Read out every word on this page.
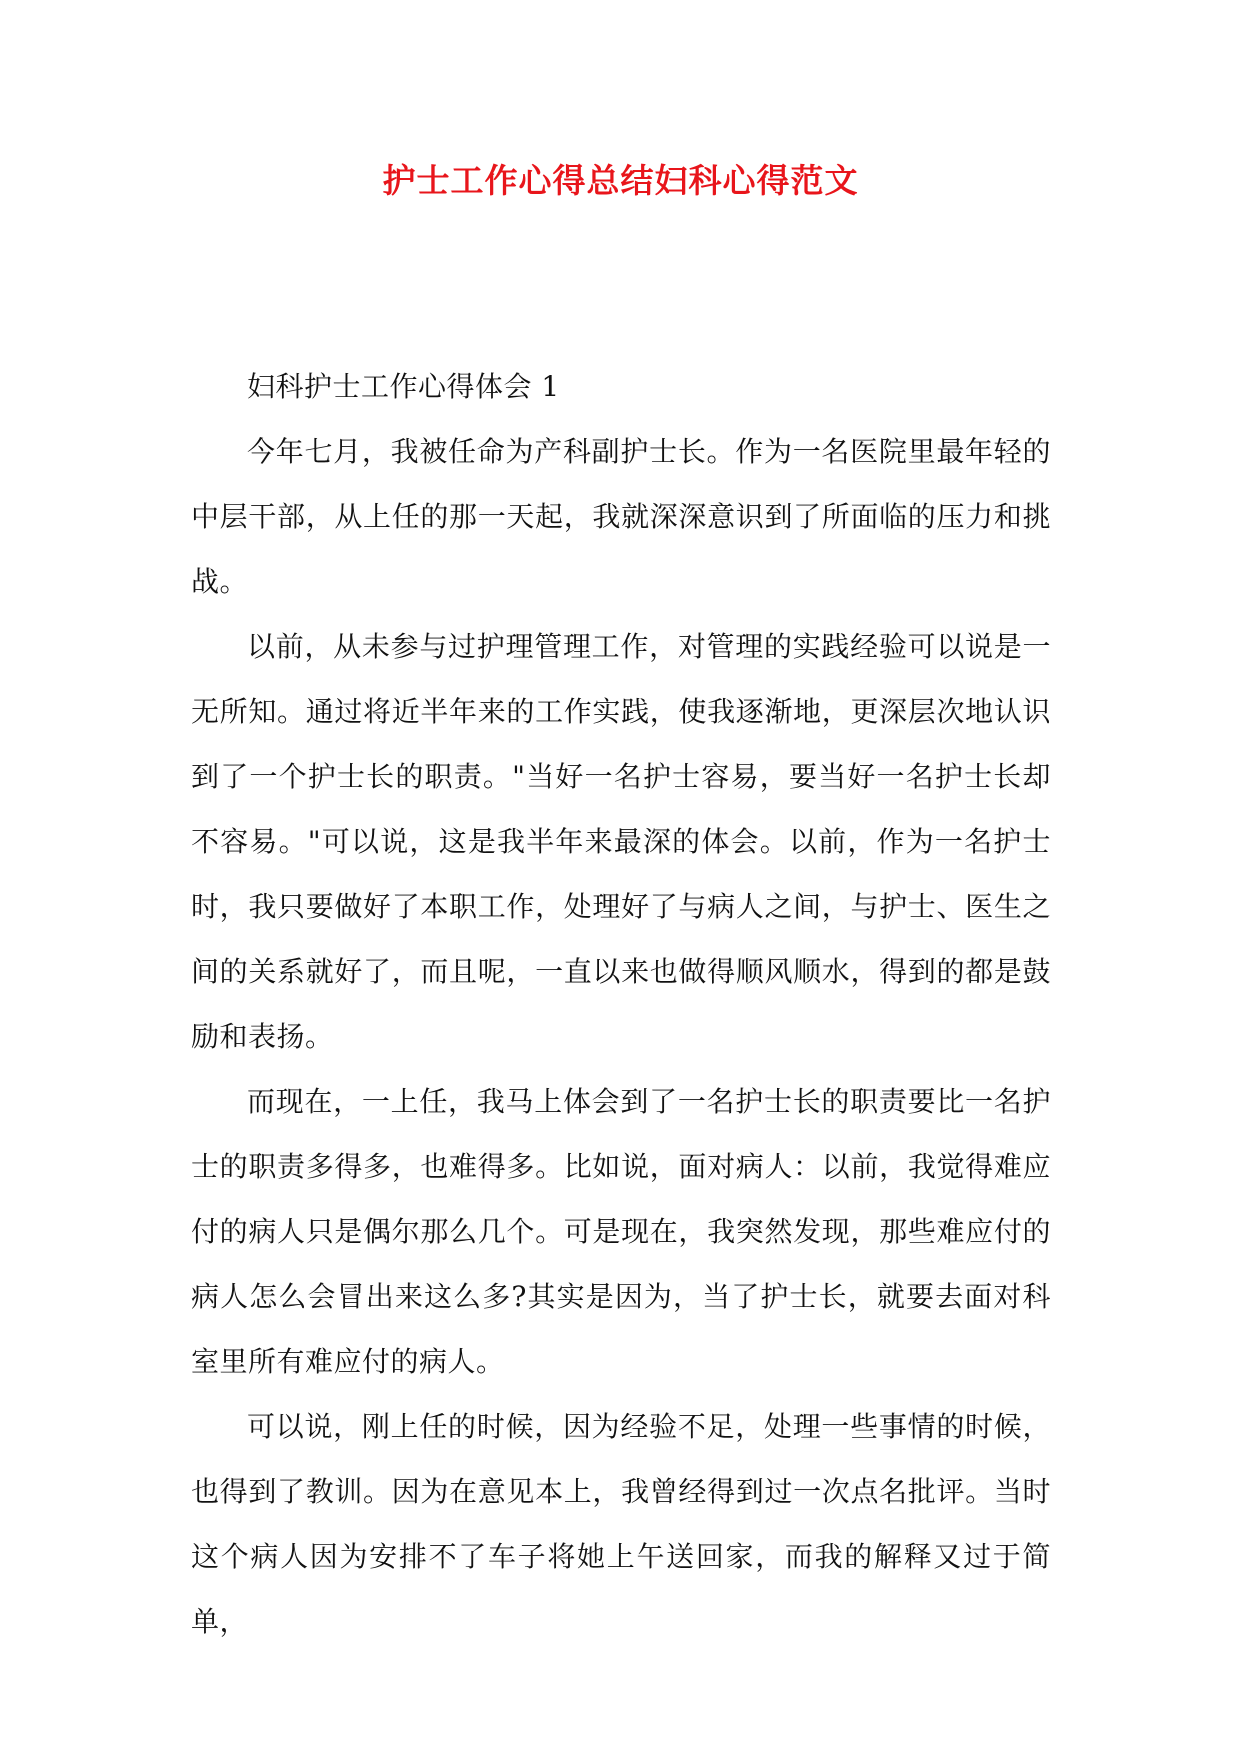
护士工作心得总结妇科心得范文

妇科护士工作心得体会 1

今年七月，我被任命为产科副护士长。作为一名医院里最年轻的中层干部，从上任的那一天起，我就深深意识到了所面临的压力和挑战。

以前，从未参与过护理管理工作，对管理的实践经验可以说是一无所知。通过将近半年来的工作实践，使我逐渐地，更深层次地认识到了一个护士长的职责。"当好一名护士容易，要当好一名护士长却不容易。"可以说，这是我半年来最深的体会。以前，作为一名护士时，我只要做好了本职工作，处理好了与病人之间，与护士、医生之间的关系就好了，而且呢，一直以来也做得顺风顺水，得到的都是鼓励和表扬。

而现在，一上任，我马上体会到了一名护士长的职责要比一名护士的职责多得多，也难得多。比如说，面对病人：以前，我觉得难应付的病人只是偶尔那么几个。可是现在，我突然发现，那些难应付的病人怎么会冒出来这么多?其实是因为，当了护士长，就要去面对科室里所有难应付的病人。

可以说，刚上任的时候，因为经验不足，处理一些事情的时候，也得到了教训。因为在意见本上，我曾经得到过一次点名批评。当时这个病人因为安排不了车子将她上午送回家，而我的解释又过于简单，
